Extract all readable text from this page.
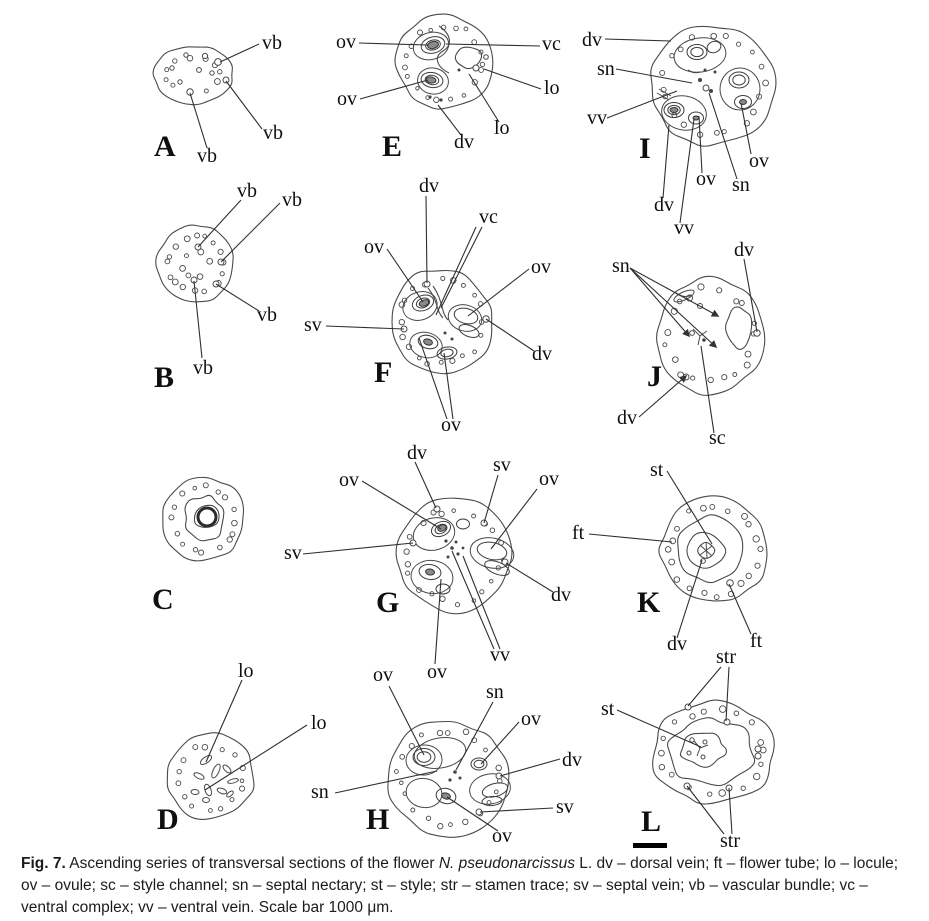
vb
vb
vb
A
vb vb
vb
vb
B
C
lo
lo
D
ov	vc
lo
ov
lo
dv
E
dv
vc
ov
ov
sv
dv
ov
F
dv
sv
ov	ov
sv
dv
vv
ov
G
ov
sn
ov
dv
sn
sv
ov
H
dv
sn
vv
dv
vv
ov sn
ov
I
sn
dv
dv
sc
J
st
ft
dv	ft
K
str
st
str
L
Fig. 7. Ascending series of transversal sections of the flower N. pseudonarcissus L. dv – dorsal vein; ft – flower tube; lo – locule; ov – ovule; sc – style channel; sn – septal nectary; st – style; str – stamen trace; sv – septal vein; vb – vascular bundle; vc – ventral complex; vv – ventral vein. Scale bar 1000 μm.
